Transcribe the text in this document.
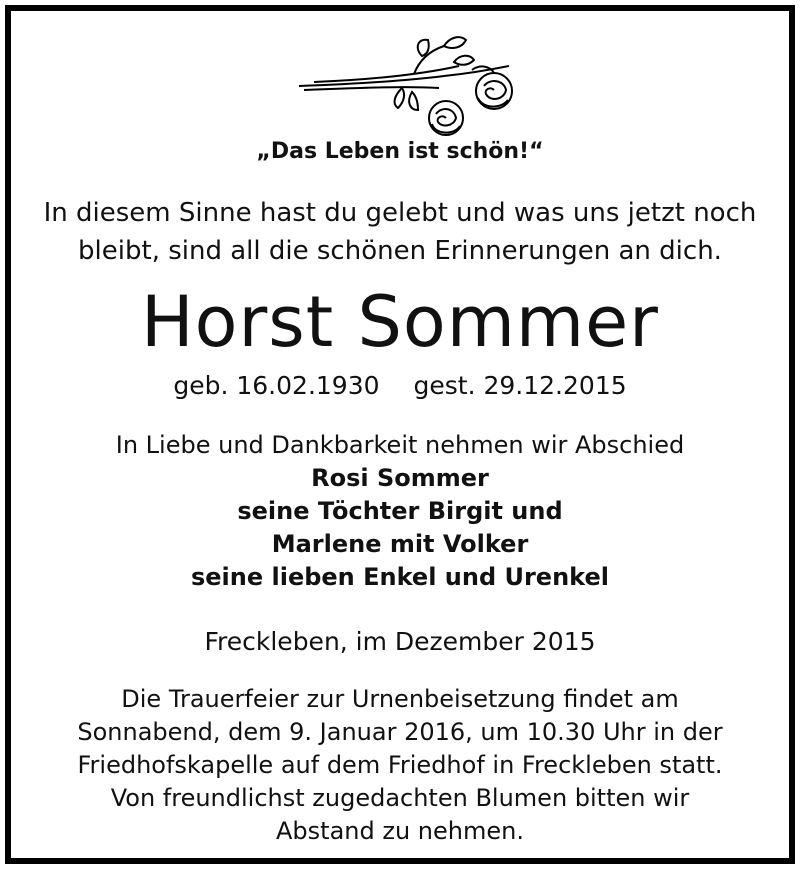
„Das Leben ist schön!“
In diesem Sinne hast du gelebt und was uns jetzt noch
bleibt, sind all die schönen Erinnerungen an dich.
Horst Sommer
geb. 16.02.1930 gest. 29.12.2015
In Liebe und Dankbarkeit nehmen wir Abschied
Rosi Sommer
seine Töchter Birgit und
Marlene mit Volker
seine lieben Enkel und Urenkel
Freckleben, im Dezember 2015
Die Trauerfeier zur Urnenbeisetzung findet am
Sonnabend, dem 9. Januar 2016, um 10.30 Uhr in der
Friedhofskapelle auf dem Friedhof in Freckleben statt.
Von freundlichst zugedachten Blumen bitten wir
Abstand zu nehmen.
